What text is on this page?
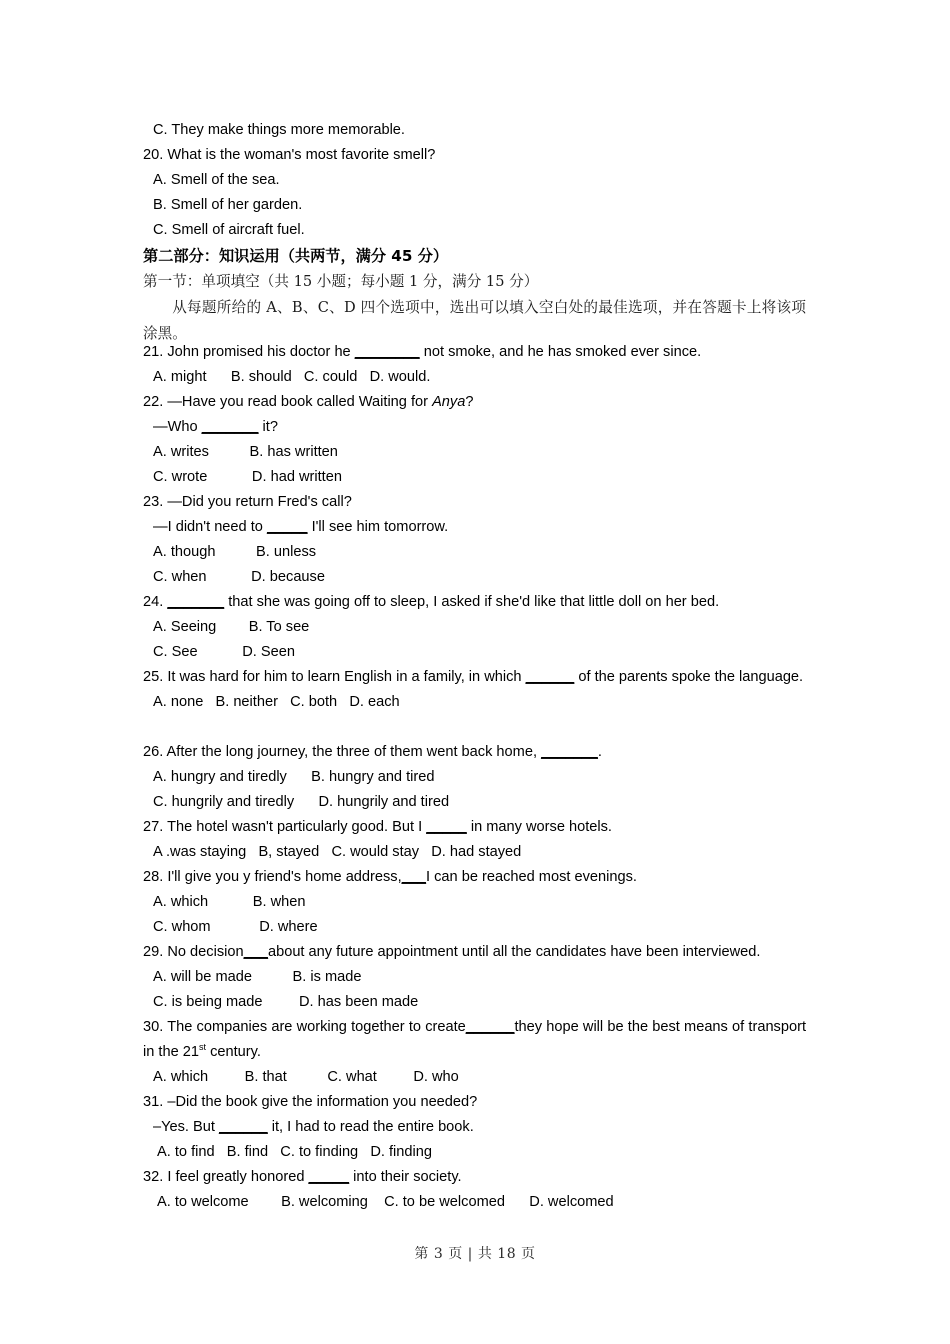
C. They make things more memorable.

20. What is the woman's most favorite smell?

A. Smell of the sea.

B. Smell of her garden.

C. Smell of aircraft fuel.

第二部分：知识运用（共两节，满分 45 分）

第一节：单项填空（共 15 小题；每小题 1 分，满分 15 分）

从每题所给的 A、B、C、D 四个选项中，选出可以填入空白处的最佳选项，并在答题卡上将该项涂黑。

21. John promised his doctor he ________ not smoke, and he has smoked ever since.

A. might      B. should   C. could   D. would.

22. —Have you read book called Waiting for Anya?

—Who _______ it?

A. writes          B. has written

C. wrote           D. had written

23. —Did you return Fred's call?

—I didn't need to _____ I'll see him tomorrow.

A. though          B. unless

C. when           D. because

24. _______ that she was going off to sleep, I asked if she'd like that little doll on her bed.

A. Seeing        B. To see

C. See           D. Seen

25. It was hard for him to learn English in a family, in which ______ of the parents spoke the language.

A. none   B. neither   C. both   D. each

26. After the long journey, the three of them went back home, _______.

A. hungry and tiredly      B. hungry and tired

C. hungrily and tiredly      D. hungrily and tired

27. The hotel wasn't particularly good. But I _____ in many worse hotels.

A .was staying   B, stayed   C. would stay   D. had stayed

28. I'll give you y friend's home address,___I can be reached most evenings.

A. which           B. when

C. whom            D. where

29. No decision___about any future appointment until all the candidates have been interviewed.

A. will be made          B. is made

C. is being made         D. has been made

30. The companies are working together to create______they hope will be the best means of transport in the 21st century.

A. which         B. that          C. what         D. who

31. –Did the book give the information you needed?

–Yes. But ______ it, I had to read the entire book.

A. to find   B. find   C. to finding   D. finding

32. I feel greatly honored _____ into their society.

A. to welcome        B. welcoming    C. to be welcomed      D. welcomed

第 3 页 | 共 18 页
